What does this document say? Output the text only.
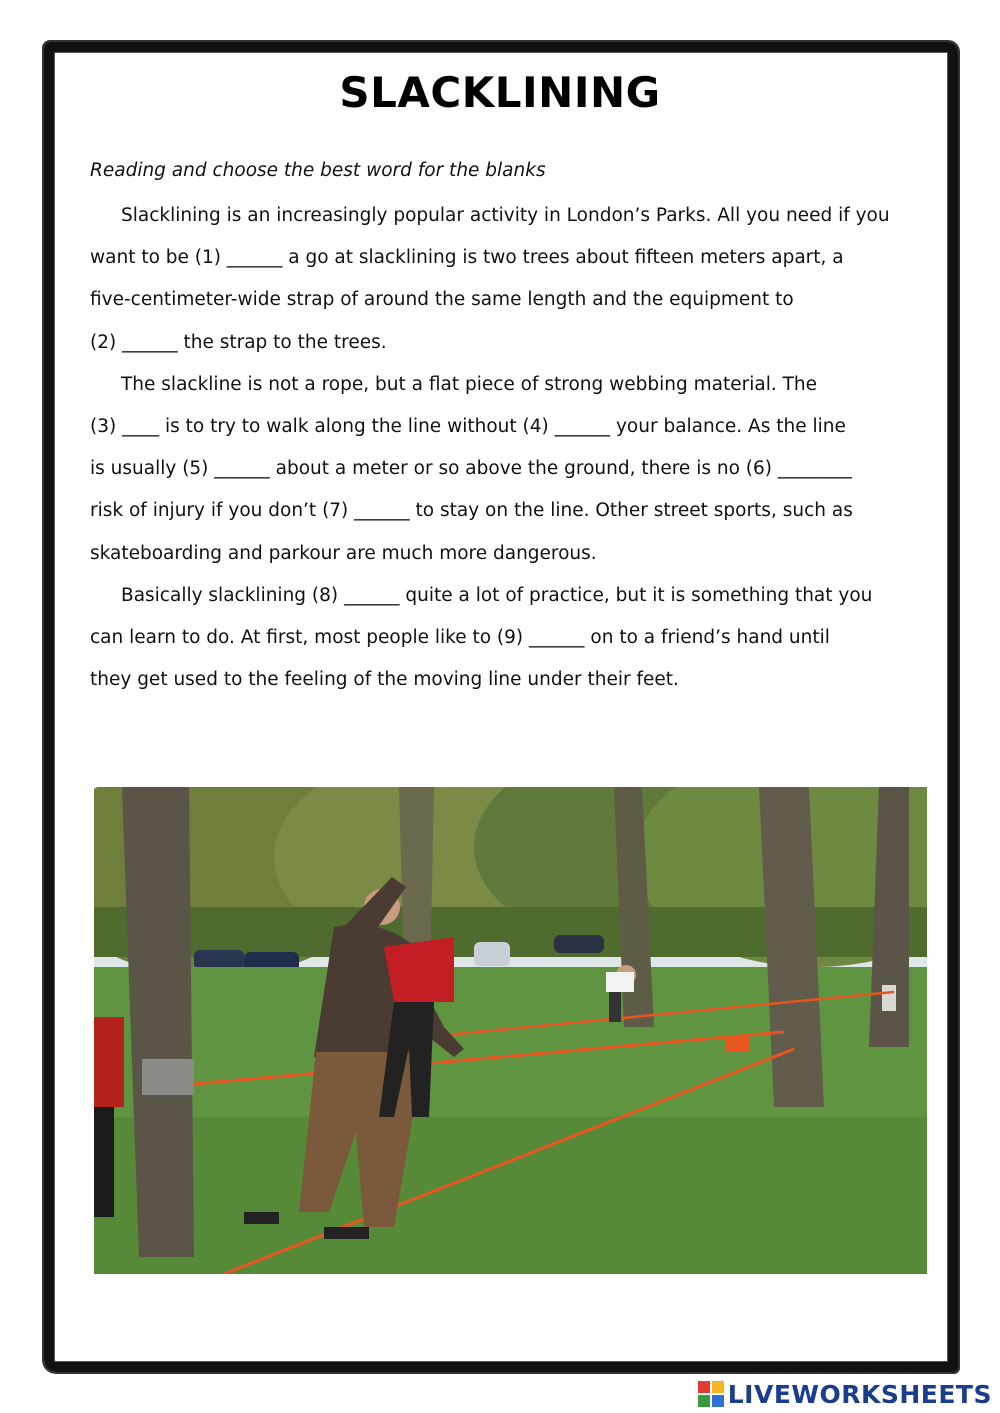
SLACKLINING
Reading and choose the best word for the blanks
Slacklining is an increasingly popular activity in London’s Parks. All you need if you
want to be (1) ______ a go at slacklining is two trees about fifteen meters apart, a
five-centimeter-wide strap of around the same length and the equipment to
(2) ______ the strap to the trees.
The slackline is not a rope, but a flat piece of strong webbing material. The
(3) ____ is to try to walk along the line without (4) ______ your balance. As the line
is usually (5) ______ about a meter or so above the ground, there is no (6) ________
risk of injury if you don’t (7) ______ to stay on the line. Other street sports, such as
skateboarding and parkour are much more dangerous.
Basically slacklining (8) ______ quite a lot of practice, but it is something that you
can learn to do. At first, most people like to (9) ______ on to a friend’s hand until
they get used to the feeling of the moving line under their feet.
LIVEWORKSHEETS
